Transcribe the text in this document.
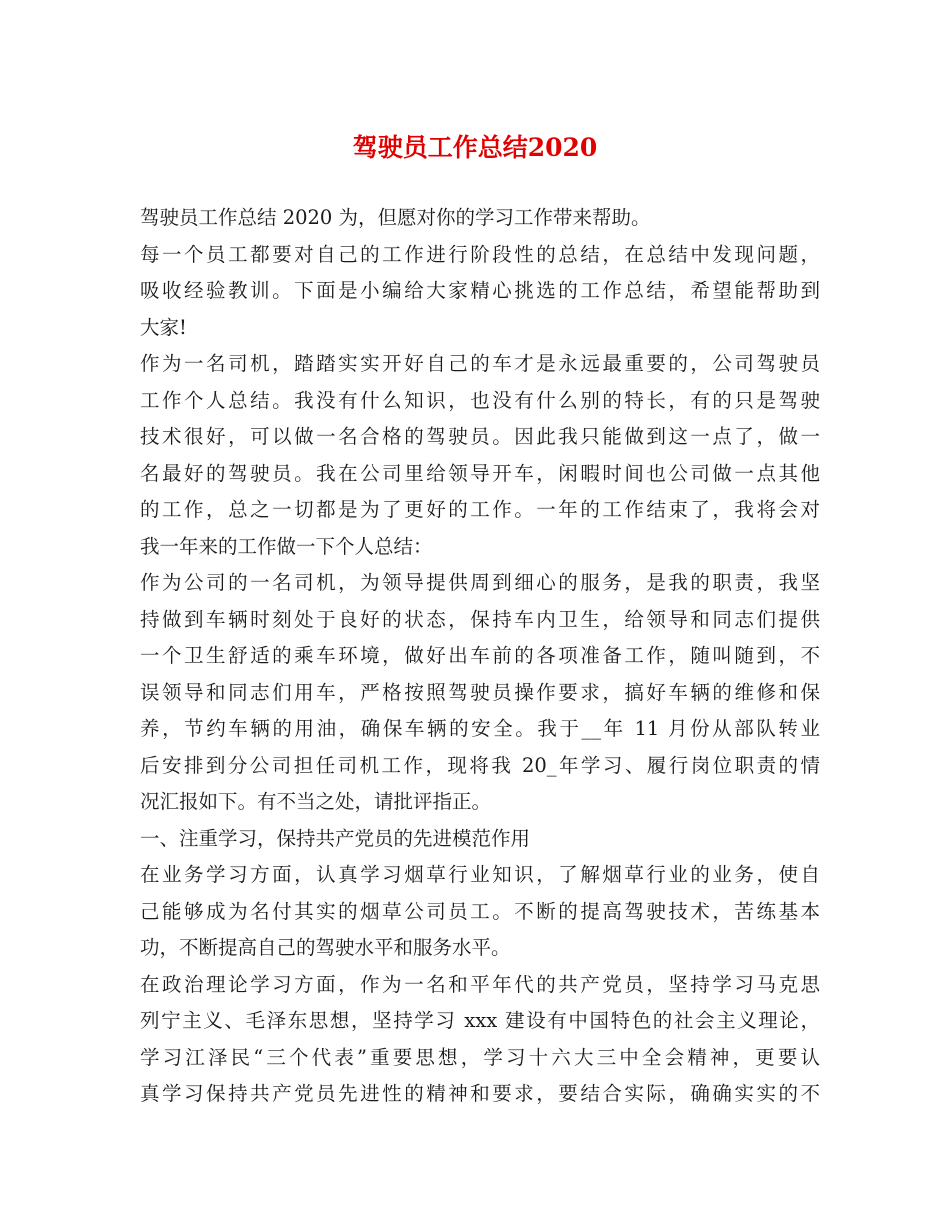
驾驶员工作总结2020
驾驶员工作总结 2020 为，但愿对你的学习工作带来帮助。
每一个员工都要对自己的工作进行阶段性的总结，在总结中发现问题，
吸收经验教训。下面是小编给大家精心挑选的工作总结，希望能帮助到
大家!
作为一名司机，踏踏实实开好自己的车才是永远最重要的，公司驾驶员
工作个人总结。我没有什么知识，也没有什么别的特长，有的只是驾驶
技术很好，可以做一名合格的驾驶员。因此我只能做到这一点了，做一
名最好的驾驶员。我在公司里给领导开车，闲暇时间也公司做一点其他
的工作，总之一切都是为了更好的工作。一年的工作结束了，我将会对
我一年来的工作做一下个人总结：
作为公司的一名司机，为领导提供周到细心的服务，是我的职责，我坚
持做到车辆时刻处于良好的状态，保持车内卫生，给领导和同志们提供
一个卫生舒适的乘车环境，做好出车前的各项准备工作，随叫随到，不
误领导和同志们用车，严格按照驾驶员操作要求，搞好车辆的维修和保
养，节约车辆的用油，确保车辆的安全。我于__年 11 月份从部队转业
后安排到分公司担任司机工作，现将我 20_年学习、履行岗位职责的情
况汇报如下。有不当之处，请批评指正。
一、注重学习，保持共产党员的先进模范作用
在业务学习方面，认真学习烟草行业知识，了解烟草行业的业务，使自
己能够成为名付其实的烟草公司员工。不断的提高驾驶技术，苦练基本
功，不断提高自己的驾驶水平和服务水平。
在政治理论学习方面，作为一名和平年代的共产党员，坚持学习马克思
列宁主义、毛泽东思想，坚持学习 xxx 建设有中国特色的社会主义理论，
学习江泽民“三个代表”重要思想，学习十六大三中全会精神，更要认
真学习保持共产党员先进性的精神和要求，要结合实际，确确实实的不
